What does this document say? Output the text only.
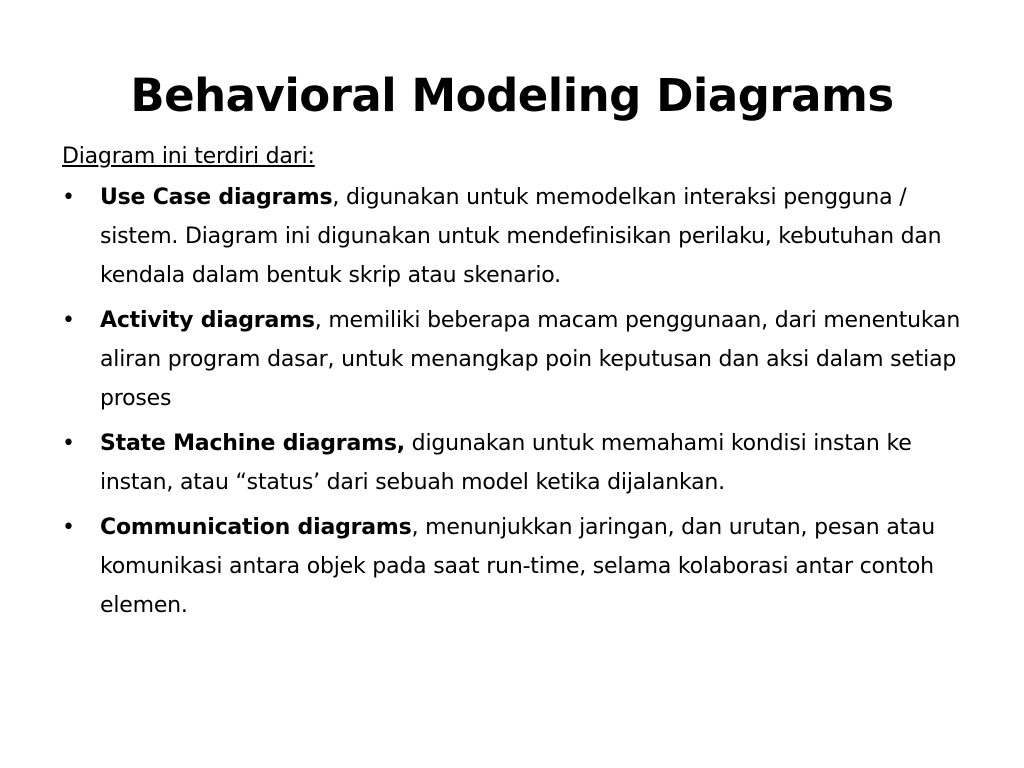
Behavioral Modeling Diagrams

Diagram ini terdiri dari:

• Use Case diagrams, digunakan untuk memodelkan interaksi pengguna / sistem. Diagram ini digunakan untuk mendefinisikan perilaku, kebutuhan dan kendala dalam bentuk skrip atau skenario.
• Activity diagrams, memiliki beberapa macam penggunaan, dari menentukan aliran program dasar, untuk menangkap poin keputusan dan aksi dalam setiap proses
• State Machine diagrams, digunakan untuk memahami kondisi instan ke instan, atau “status’ dari sebuah model ketika dijalankan.
• Communication diagrams, menunjukkan jaringan, dan urutan, pesan atau komunikasi antara objek pada saat run-time, selama kolaborasi antar contoh elemen.
